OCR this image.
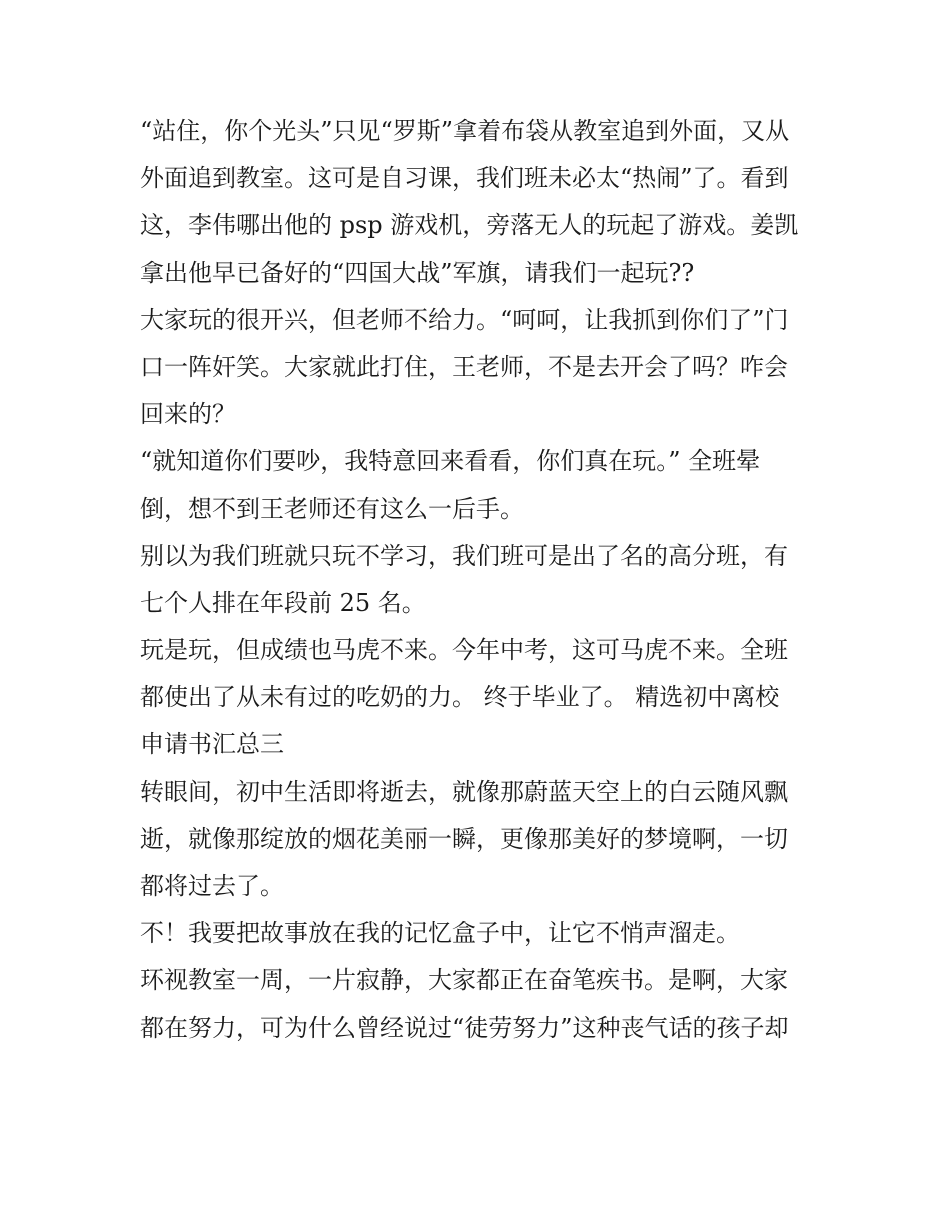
“站住，你个光头”只见“罗斯”拿着布袋从教室追到外面，又从
外面追到教室。这可是自习课，我们班未必太“热闹”了。看到
这，李伟哪出他的 psp 游戏机，旁落无人的玩起了游戏。姜凯
拿出他早已备好的“四国大战”军旗，请我们一起玩??
大家玩的很开兴，但老师不给力。“呵呵，让我抓到你们了”门
口一阵奸笑。大家就此打住，王老师，不是去开会了吗？咋会
回来的？
“就知道你们要吵，我特意回来看看，你们真在玩。” 全班晕
倒，想不到王老师还有这么一后手。
别以为我们班就只玩不学习，我们班可是出了名的高分班，有
七个人排在年段前 25 名。
玩是玩，但成绩也马虎不来。今年中考，这可马虎不来。全班
都使出了从未有过的吃奶的力。 终于毕业了。 精选初中离校
申请书汇总三
转眼间，初中生活即将逝去，就像那蔚蓝天空上的白云随风飘
逝，就像那绽放的烟花美丽一瞬，更像那美好的梦境啊，一切
都将过去了。
不！我要把故事放在我的记忆盒子中，让它不悄声溜走。
环视教室一周，一片寂静，大家都正在奋笔疾书。是啊，大家
都在努力，可为什么曾经说过“徒劳努力”这种丧气话的孩子却
